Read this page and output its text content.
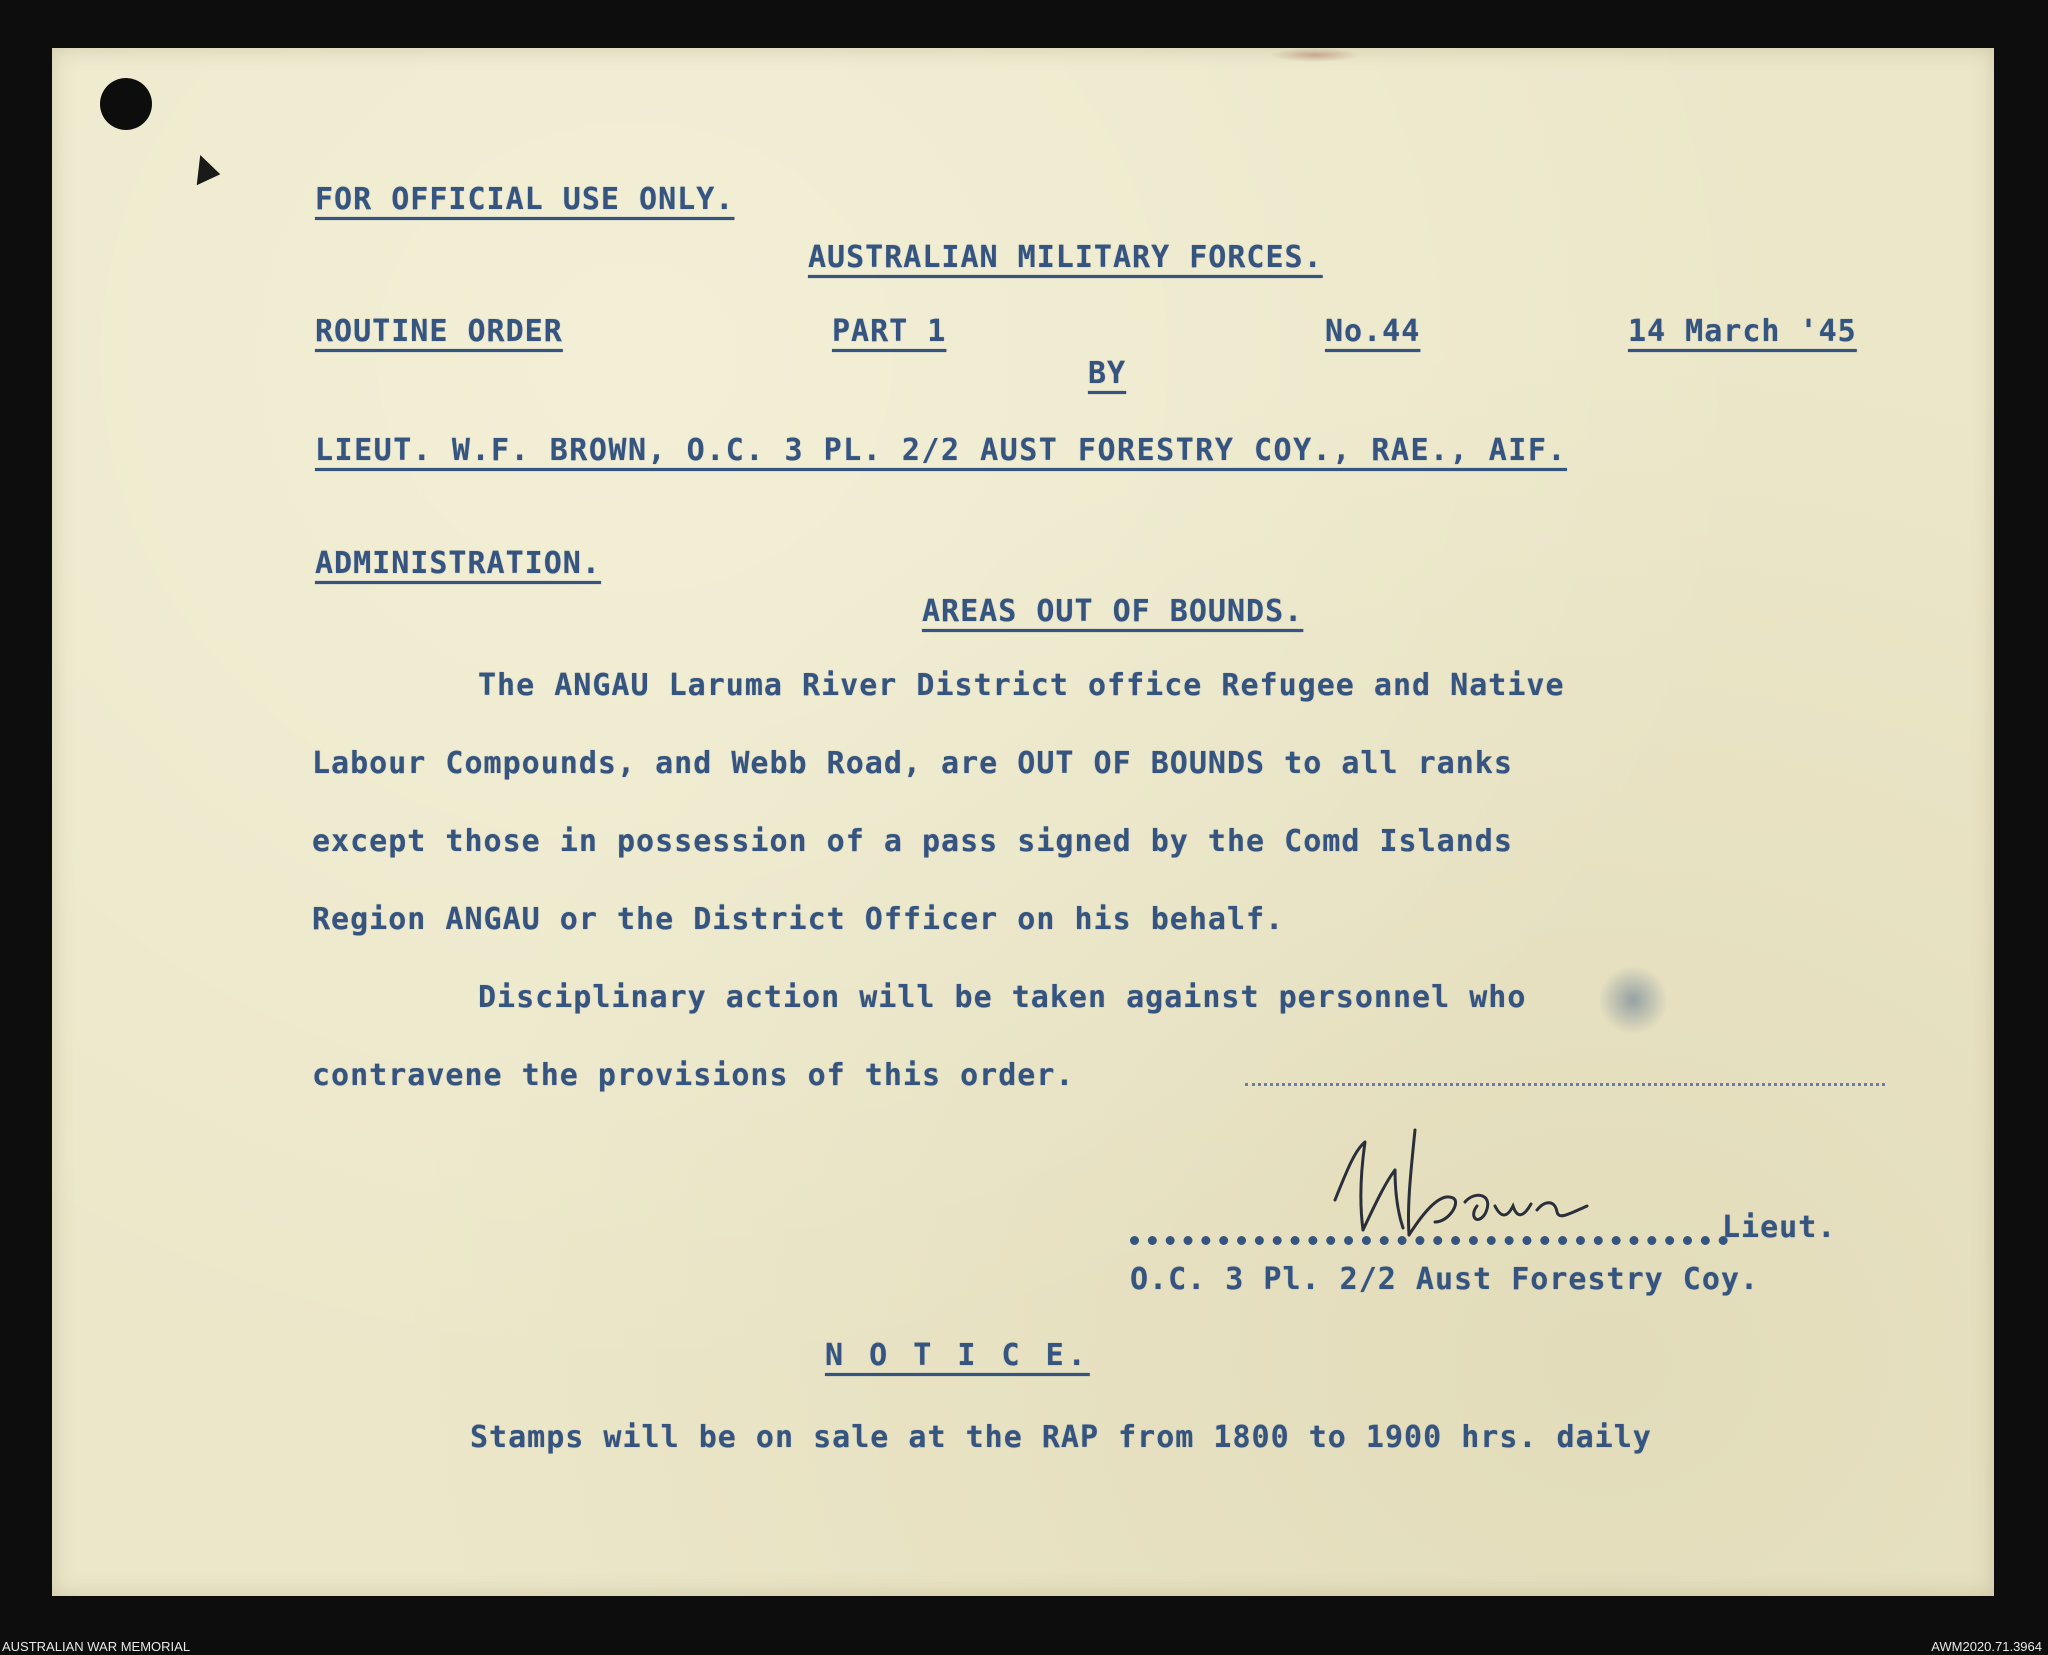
FOR OFFICIAL USE ONLY.
AUSTRALIAN MILITARY FORCES.
ROUTINE ORDER	PART 1	No.44	14 March '45
BY
LIEUT. W.F. BROWN, O.C. 3 PL. 2/2 AUST FORESTRY COY., RAE., AIF.
ADMINISTRATION.
AREAS OUT OF BOUNDS.
The ANGAU Laruma River District office Refugee and Native
Labour Compounds, and Webb Road, are OUT OF BOUNDS to all ranks
except those in possession of a pass signed by the Comd Islands
Region ANGAU or the District Officer on his behalf.
Disciplinary action will be taken against personnel who
contravene the provisions of this order.
Lieut.
O.C. 3 Pl. 2/2 Aust Forestry Coy.
N O T I C E.
Stamps will be on sale at the RAP from 1800 to 1900 hrs. daily
AUSTRALIAN WAR MEMORIAL	AWM2020.71.3964
